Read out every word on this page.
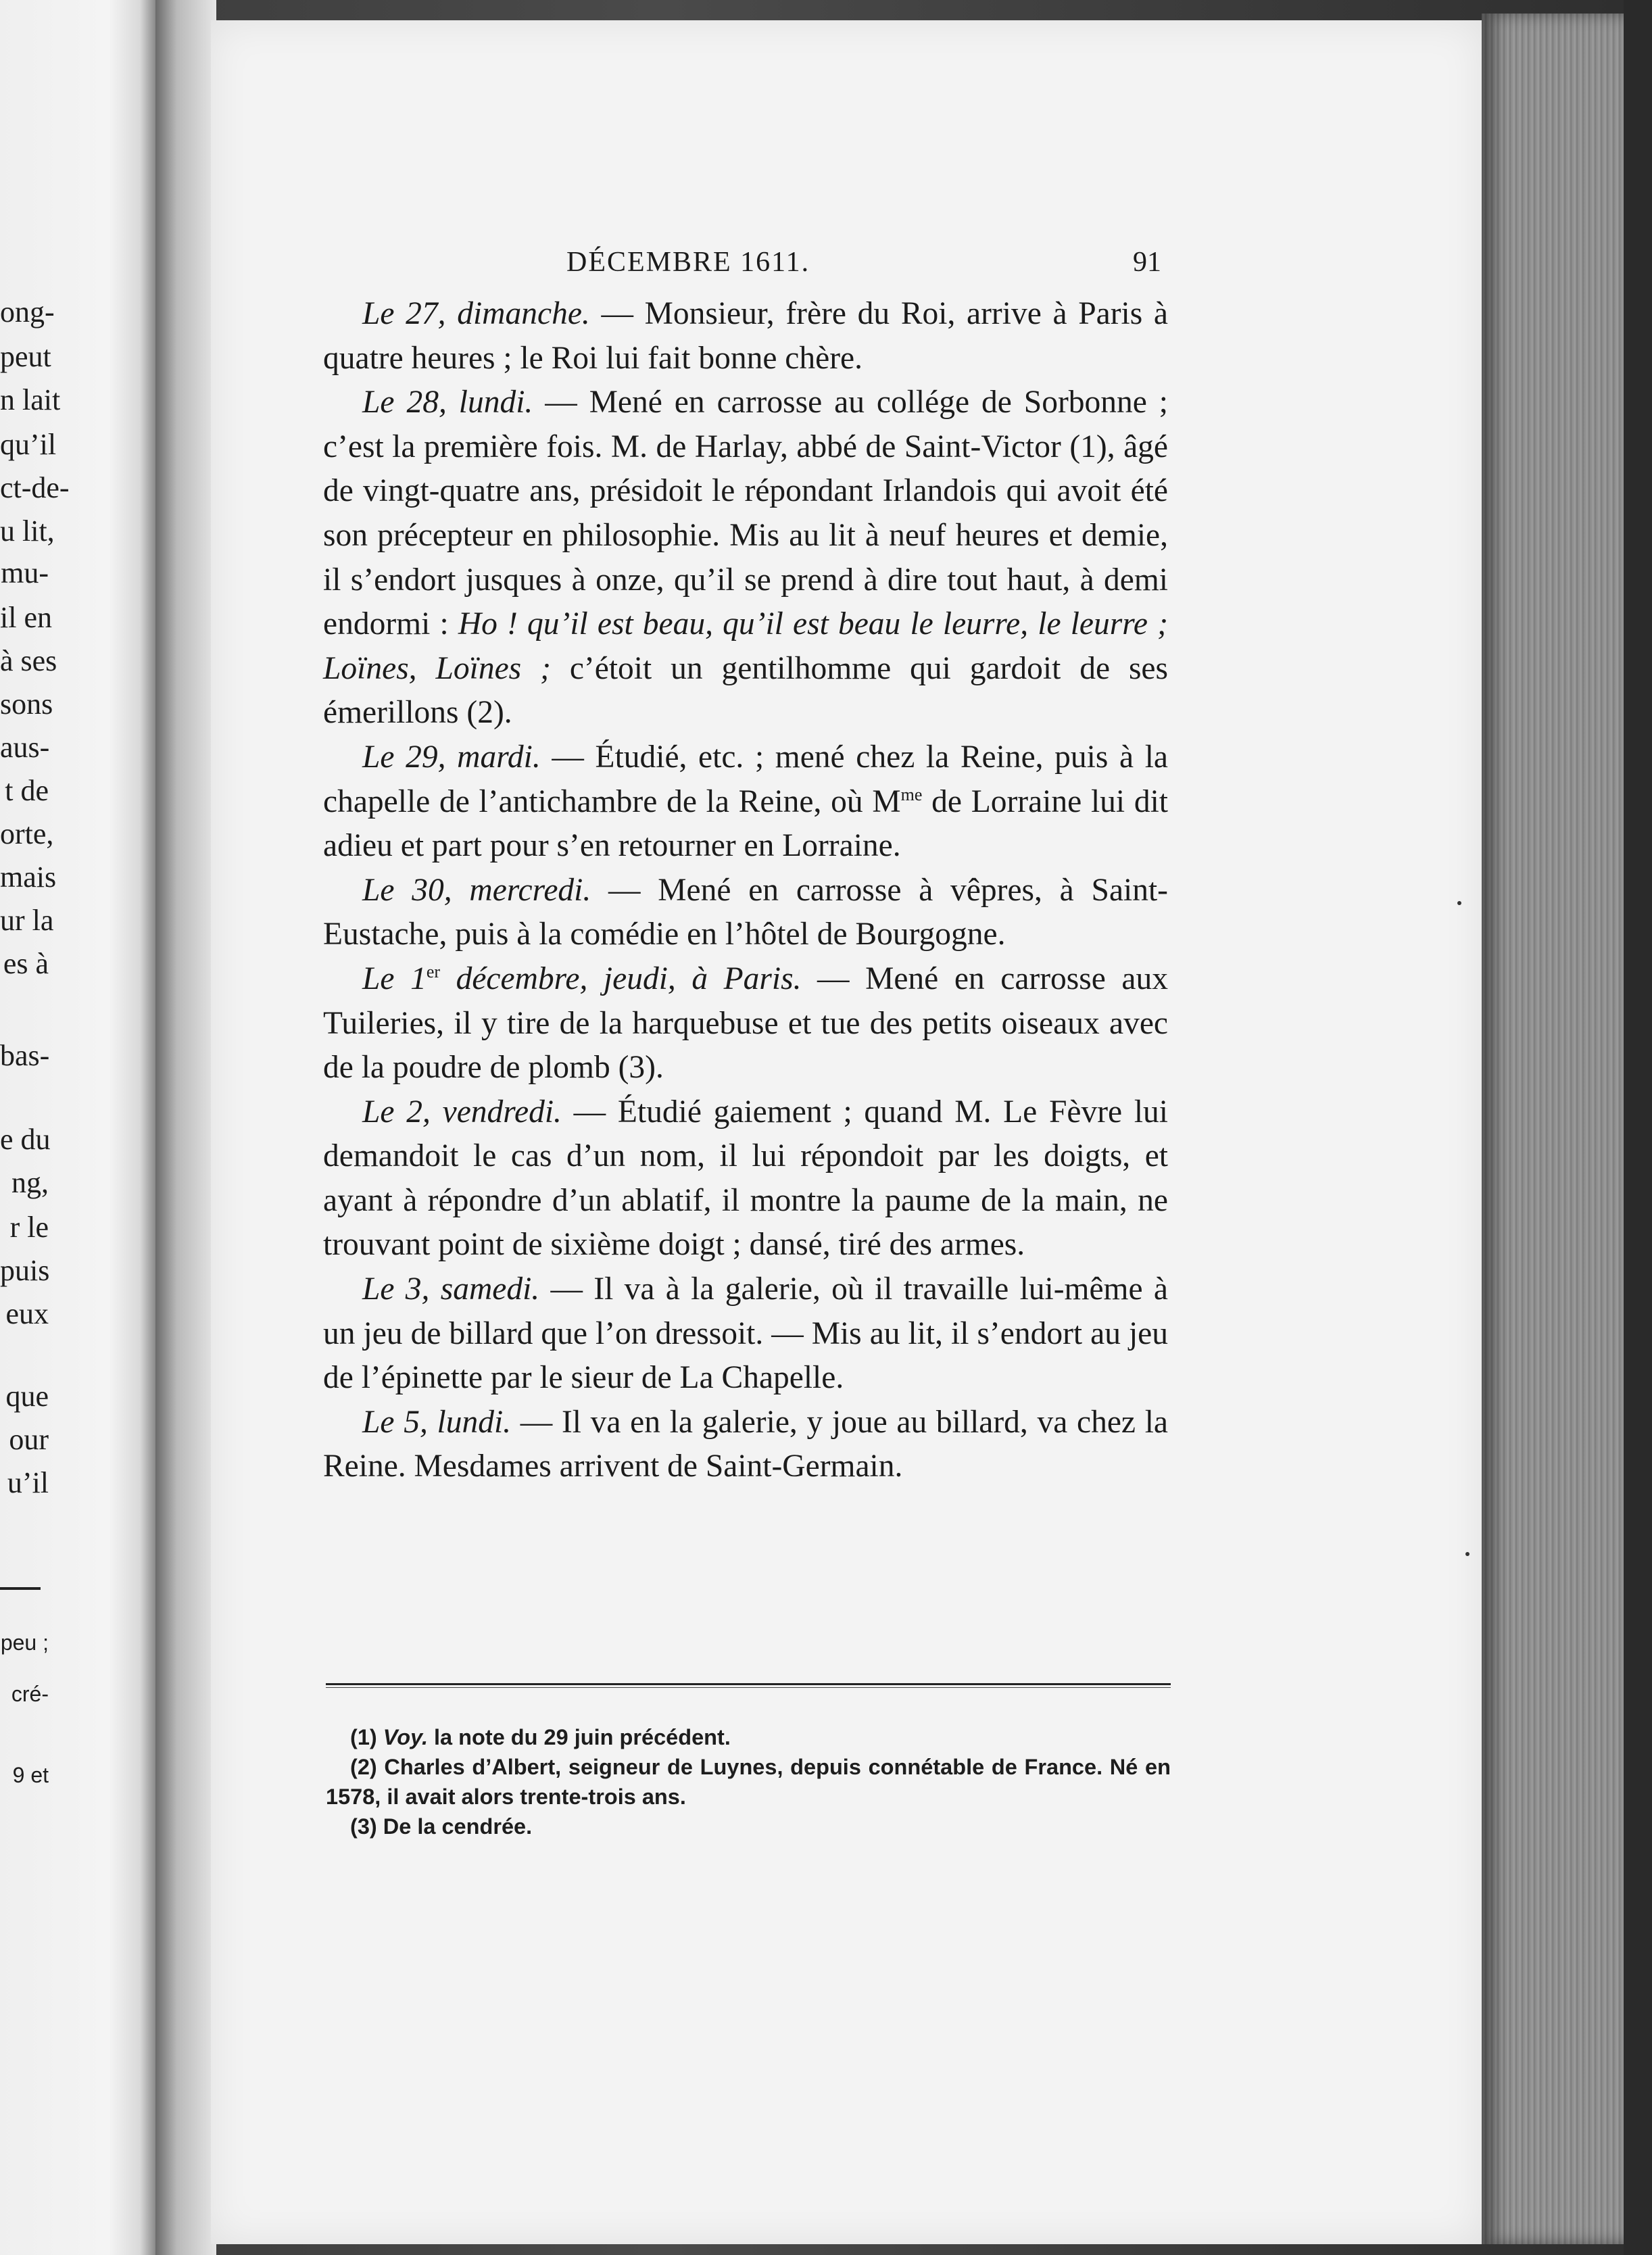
ong-
peut
n lait
qu’il
ct-de-
u lit,
mu-
il en
à ses
sons
aus-
t de
orte,
mais
ur la
es à
bas-
e du
ng,
r le
puis
eux
que
our
u’il
peu ;
cré-
9 et
DÉCEMBRE 1611.	91

Le 27, dimanche. — Monsieur, frère du Roi, arrive à Paris à quatre heures ; le Roi lui fait bonne chère.

Le 28, lundi. — Mené en carrosse au collége de Sorbonne ; c’est la première fois. M. de Harlay, abbé de Saint-Victor (1), âgé de vingt-quatre ans, présidoit le répondant Irlandois qui avoit été son précepteur en philosophie. Mis au lit à neuf heures et demie, il s’endort jusques à onze, qu’il se prend à dire tout haut, à demi endormi : Ho ! qu’il est beau, qu’il est beau le leurre, le leurre ; Loïnes, Loïnes ; c’étoit un gentilhomme qui gardoit de ses émerillons (2).

Le 29, mardi. — Étudié, etc. ; mené chez la Reine, puis à la chapelle de l’antichambre de la Reine, où $M^{me}$ de Lorraine lui dit adieu et part pour s’en retourner en Lorraine.

Le 30, mercredi. — Mené en carrosse à vêpres, à Saint-Eustache, puis à la comédie en l’hôtel de Bourgogne.

Le 1er décembre, jeudi, à Paris. — Mené en carrosse aux Tuileries, il y tire de la harquebuse et tue des petits oiseaux avec de la poudre de plomb (3).

Le 2, vendredi. — Étudié gaiement ; quand M. Le Fèvre lui demandoit le cas d’un nom, il lui répondoit par les doigts, et ayant à répondre d’un ablatif, il montre la paume de la main, ne trouvant point de sixième doigt ; dansé, tiré des armes.

Le 3, samedi. — Il va à la galerie, où il travaille lui-même à un jeu de billard que l’on dressoit. — Mis au lit, il s’endort au jeu de l’épinette par le sieur de La Chapelle.

Le 5, lundi. — Il va en la galerie, y joue au billard, va chez la Reine. Mesdames arrivent de Saint-Germain.

(1) Voy. la note du 29 juin précédent.

(2) Charles d’Albert, seigneur de Luynes, depuis connétable de France. Né en 1578, il avait alors trente-trois ans.

(3) De la cendrée.
